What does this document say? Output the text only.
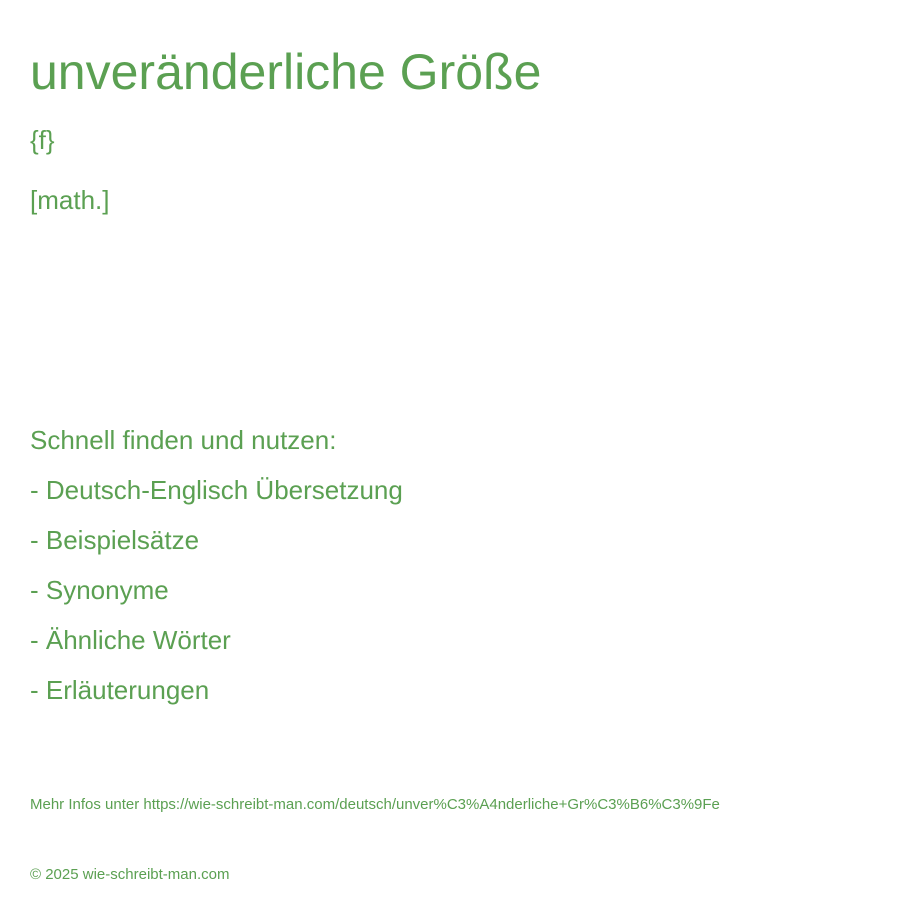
unveränderliche Größe
{f}
[math.]
Schnell finden und nutzen:
- Deutsch-Englisch Übersetzung
- Beispielsätze
- Synonyme
- Ähnliche Wörter
- Erläuterungen
Mehr Infos unter https://wie-schreibt-man.com/deutsch/unver%C3%A4nderliche+Gr%C3%B6%C3%9Fe
© 2025 wie-schreibt-man.com
